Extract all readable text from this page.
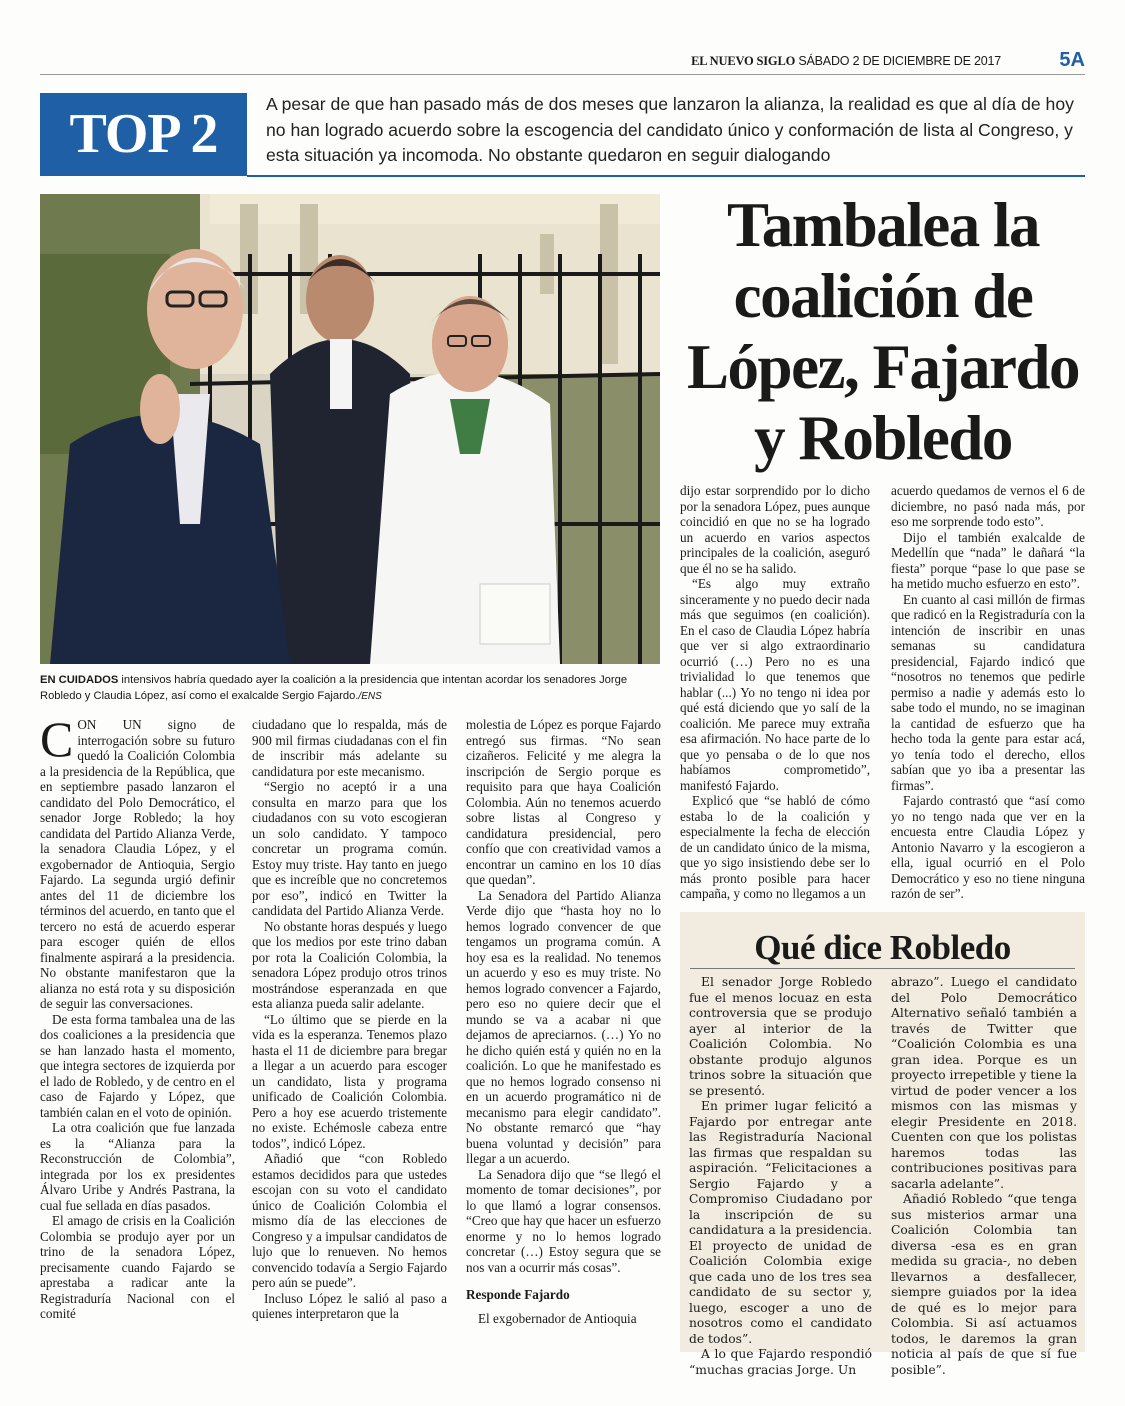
EL NUEVO SIGLO SÁBADO 2 DE DICIEMBRE DE 2017	5A
TOP 2	A pesar de que han pasado más de dos meses que lanzaron la alianza, la realidad es que al día de hoy no han logrado acuerdo sobre la escogencia del candidato único y conformación de lista al Congreso, y esta situación ya incomoda. No obstante quedaron en seguir dialogando
EN CUIDADOS intensivos habría quedado ayer la coalición a la presidencia que intentan acordar los senadores Jorge Robledo y Claudia López, así como el exalcalde Sergio Fajardo./ENS
Tambalea la coalición de López, Fajardo y Robledo

CON UN signo de interrogación sobre su futuro quedó la Coalición Colombia a la presidencia de la República, que en septiembre pasado lanzaron el candidato del Polo Democrático, el senador Jorge Robledo; la hoy candidata del Partido Alianza Verde, la senadora Claudia López, y el exgobernador de Antioquia, Sergio Fajardo. La segunda urgió definir antes del 11 de diciembre los términos del acuerdo, en tanto que el tercero no está de acuerdo esperar para escoger quién de ellos finalmente aspirará a la presidencia. No obstante manifestaron que la alianza no está rota y su disposición de seguir las conversaciones.

De esta forma tambalea una de las dos coaliciones a la presidencia que se han lanzado hasta el momento, que integra sectores de izquierda por el lado de Robledo, y de centro en el caso de Fajardo y López, que también calan en el voto de opinión.

La otra coalición que fue lanzada es la “Alianza para la Reconstrucción de Colombia”, integrada por los ex presidentes Álvaro Uribe y Andrés Pastrana, la cual fue sellada en días pasados.

El amago de crisis en la Coalición Colombia se produjo ayer por un trino de la senadora López, precisamente cuando Fajardo se aprestaba a radicar ante la Registraduría Nacional con el comité

ciudadano que lo respalda, más de 900 mil firmas ciudadanas con el fin de inscribir más adelante su candidatura por este mecanismo.

“Sergio no aceptó ir a una consulta en marzo para que los ciudadanos con su voto escogieran un solo candidato. Y tampoco concretar un programa común. Estoy muy triste. Hay tanto en juego que es increíble que no concretemos por eso”, indicó en Twitter la candidata del Partido Alianza Verde.

No obstante horas después y luego que los medios por este trino daban por rota la Coalición Colombia, la senadora López produjo otros trinos mostrándose esperanzada en que esta alianza pueda salir adelante.

“Lo último que se pierde en la vida es la esperanza. Tenemos plazo hasta el 11 de diciembre para bregar a llegar a un acuerdo para escoger un candidato, lista y programa unificado de Coalición Colombia. Pero a hoy ese acuerdo tristemente no existe. Echémosle cabeza entre todos”, indicó López.

Añadió que “con Robledo estamos decididos para que ustedes escojan con su voto el candidato único de Coalición Colombia el mismo día de las elecciones de Congreso y a impulsar candidatos de lujo que lo renueven. No hemos convencido todavía a Sergio Fajardo pero aún se puede”.

Incluso López le salió al paso a quienes interpretaron que la

molestia de López es porque Fajardo entregó sus firmas. “No sean cizañeros. Felicité y me alegra la inscripción de Sergio porque es requisito para que haya Coalición Colombia. Aún no tenemos acuerdo sobre listas al Congreso y candidatura presidencial, pero confío que con creatividad vamos a encontrar un camino en los 10 días que quedan”.

La Senadora del Partido Alianza Verde dijo que “hasta hoy no lo hemos logrado convencer de que tengamos un programa común. A hoy esa es la realidad. No tenemos un acuerdo y eso es muy triste. No hemos logrado convencer a Fajardo, pero eso no quiere decir que el mundo se va a acabar ni que dejamos de apreciarnos. (…) Yo no he dicho quién está y quién no en la coalición. Lo que he manifestado es que no hemos logrado consenso ni en un acuerdo programático ni de mecanismo para elegir candidato”. No obstante remarcó que “hay buena voluntad y decisión” para llegar a un acuerdo.

La Senadora dijo que “se llegó el momento de tomar decisiones”, por lo que llamó a lograr consensos. “Creo que hay que hacer un esfuerzo enorme y no lo hemos logrado concretar (…) Estoy segura que se nos van a ocurrir más cosas”.

Responde Fajardo

El exgobernador de Antioquia

dijo estar sorprendido por lo dicho por la senadora López, pues aunque coincidió en que no se ha logrado un acuerdo en varios aspectos principales de la coalición, aseguró que él no se ha salido.

“Es algo muy extraño sinceramente y no puedo decir nada más que seguimos (en coalición). En el caso de Claudia López habría que ver si algo extraordinario ocurrió (…) Pero no es una trivialidad lo que tenemos que hablar (...) Yo no tengo ni idea por qué está diciendo que yo salí de la coalición. Me parece muy extraña esa afirmación. No hace parte de lo que yo pensaba o de lo que nos habíamos comprometido”, manifestó Fajardo.

Explicó que “se habló de cómo estaba lo de la coalición y especialmente la fecha de elección de un candidato único de la misma, que yo sigo insistiendo debe ser lo más pronto posible para hacer campaña, y como no llegamos a un

acuerdo quedamos de vernos el 6 de diciembre, no pasó nada más, por eso me sorprende todo esto”.

Dijo el también exalcalde de Medellín que “nada” le dañará “la fiesta” porque “pase lo que pase se ha metido mucho esfuerzo en esto”.

En cuanto al casi millón de firmas que radicó en la Registraduría con la intención de inscribir en unas semanas su candidatura presidencial, Fajardo indicó que “nosotros no tenemos que pedirle permiso a nadie y además esto lo sabe todo el mundo, no se imaginan la cantidad de esfuerzo que ha hecho toda la gente para estar acá, yo tenía todo el derecho, ellos sabían que yo iba a presentar las firmas”.

Fajardo contrastó que “así como yo no tengo nada que ver en la encuesta entre Claudia López y Antonio Navarro y la escogieron a ella, igual ocurrió en el Polo Democrático y eso no tiene ninguna razón de ser”.

Qué dice Robledo

El senador Jorge Robledo fue el menos locuaz en esta controversia que se produjo ayer al interior de la Coalición Colombia. No obstante produjo algunos trinos sobre la situación que se presentó.

En primer lugar felicitó a Fajardo por entregar ante las Registraduría Nacional las firmas que respaldan su aspiración. “Felicitaciones a Sergio Fajardo y a Compromiso Ciudadano por la inscripción de su candidatura a la presidencia. El proyecto de unidad de Coalición Colombia exige que cada uno de los tres sea candidato de su sector y, luego, escoger a uno de nosotros como el candidato de todos”.

A lo que Fajardo respondió “muchas gracias Jorge. Un

abrazo”. Luego el candidato del Polo Democrático Alternativo señaló también a través de Twitter que “Coalición Colombia es una gran idea. Porque es un proyecto irrepetible y tiene la virtud de poder vencer a los mismos con las mismas y elegir Presidente en 2018. Cuenten con que los polistas haremos todas las contribuciones positivas para sacarla adelante”.

Añadió Robledo “que tenga sus misterios armar una Coalición Colombia tan diversa -esa es en gran medida su gracia-, no deben llevarnos a desfallecer, siempre guiados por la idea de qué es lo mejor para Colombia. Si así actuamos todos, le daremos la gran noticia al país de que sí fue posible”.
